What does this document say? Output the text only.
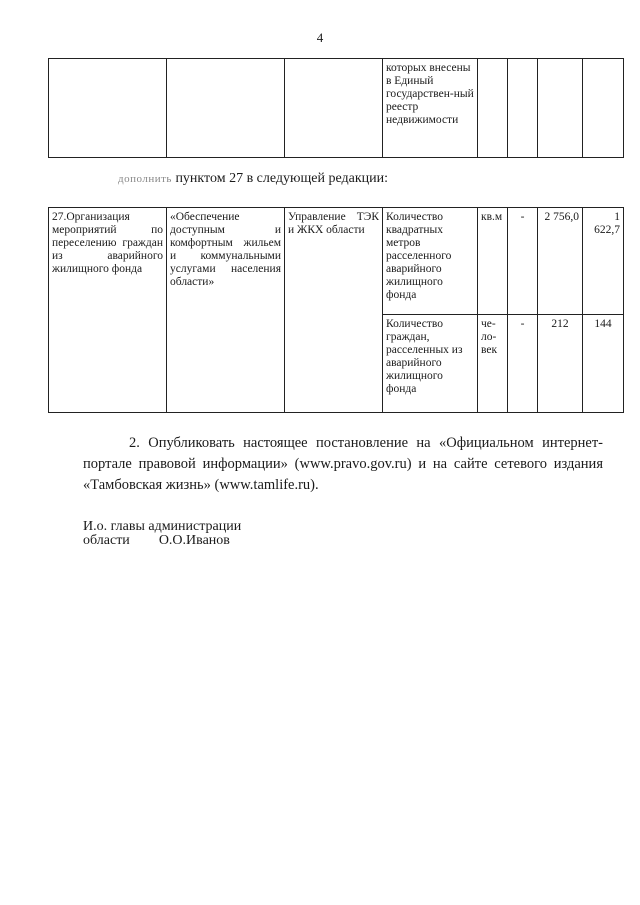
4
			которых внесены в Единый государствен-ный реестр недвижимости				
дополнить пунктом 27 в следующей редакции:
27.Организация мероприятий по переселению граждан из аварийного жилищного фонда	«Обеспечение доступным и комфортным жильем и коммунальными услугами населения области»	Управление ТЭК и ЖКХ области	Количество квадратных метров расселенного аварийного жилищного фонда	кв.м	-	2 756,0	1 622,7
			Количество граждан, расселенных из аварийного жилищного фонда	че-ло-век	-	212	144
2. Опубликовать настоящее постановление на «Официальном интернет-портале правовой информации» (www.pravo.gov.ru) и на сайте сетевого издания «Тамбовская жизнь» (www.tamlife.ru).
И.о. главы администрации
области О.О.Иванов
